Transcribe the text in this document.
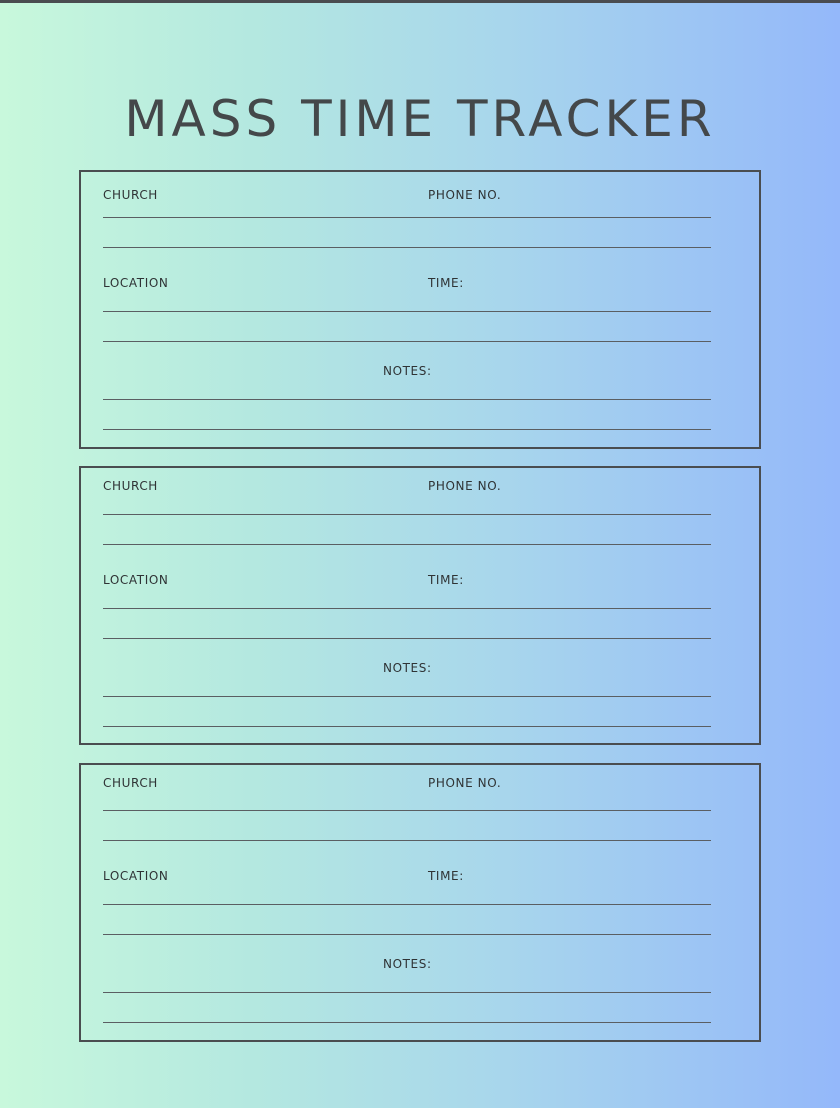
MASS TIME TRACKER
CHURCH	PHONE NO.
LOCATION	TIME:
NOTES:
CHURCH	PHONE NO.
LOCATION	TIME:
NOTES:
CHURCH	PHONE NO.
LOCATION	TIME:
NOTES:
